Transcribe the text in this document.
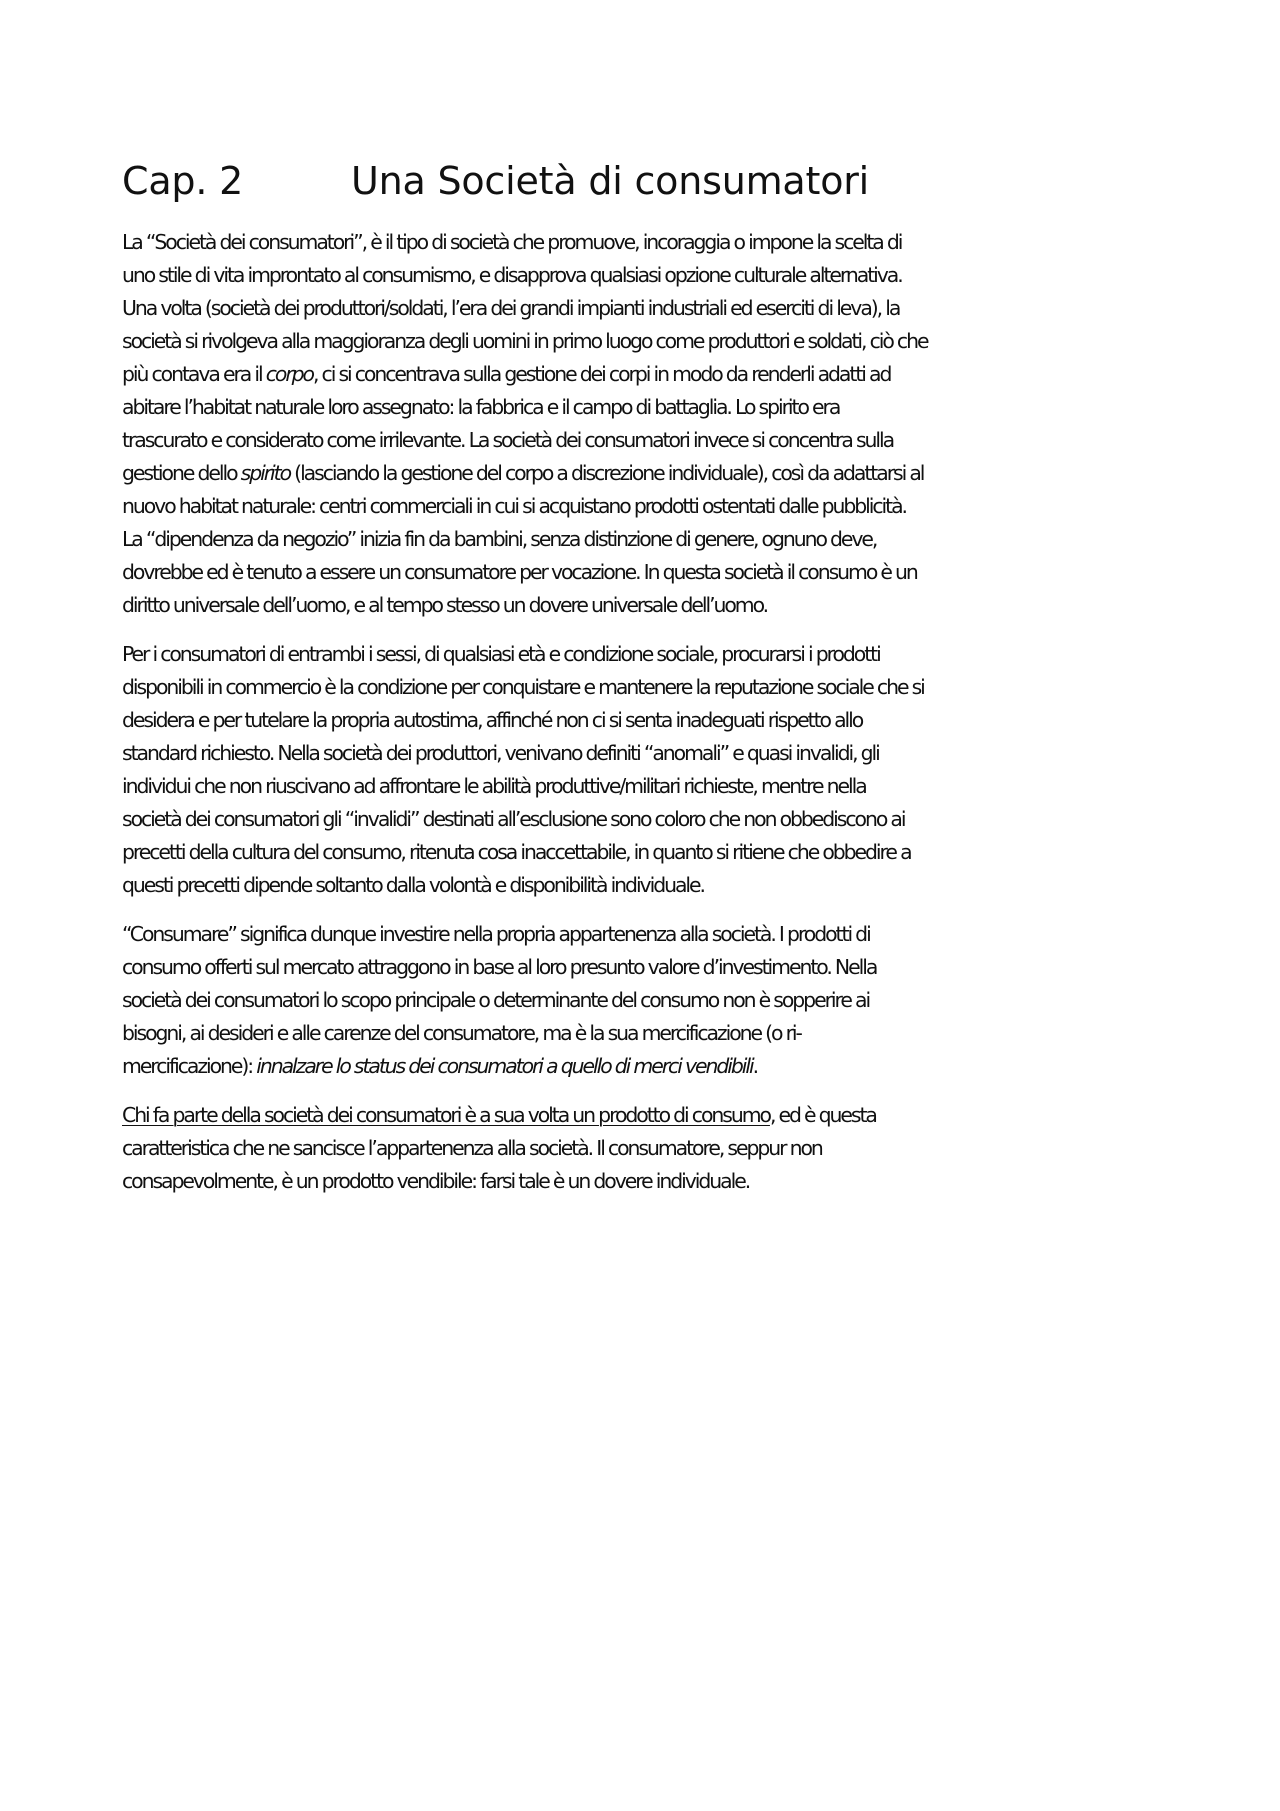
Cap. 2	Una Società di consumatori

La “Società dei consumatori”, è il tipo di società che promuove, incoraggia o impone la scelta di
uno stile di vita improntato al consumismo, e disapprova qualsiasi opzione culturale alternativa.
Una volta (società dei produttori/soldati, l’era dei grandi impianti industriali ed eserciti di leva), la
società si rivolgeva alla maggioranza degli uomini in primo luogo come produttori e soldati, ciò che
più contava era il corpo, ci si concentrava sulla gestione dei corpi in modo da renderli adatti ad
abitare l’habitat naturale loro assegnato: la fabbrica e il campo di battaglia. Lo spirito era
trascurato e considerato come irrilevante. La società dei consumatori invece si concentra sulla
gestione dello spirito (lasciando la gestione del corpo a discrezione individuale), così da adattarsi al
nuovo habitat naturale: centri commerciali in cui si acquistano prodotti ostentati dalle pubblicità.
La “dipendenza da negozio” inizia fin da bambini, senza distinzione di genere, ognuno deve,
dovrebbe ed è tenuto a essere un consumatore per vocazione. In questa società il consumo è un
diritto universale dell’uomo, e al tempo stesso un dovere universale dell’uomo.

Per i consumatori di entrambi i sessi, di qualsiasi età e condizione sociale, procurarsi i prodotti
disponibili in commercio è la condizione per conquistare e mantenere la reputazione sociale che si
desidera e per tutelare la propria autostima, affinché non ci si senta inadeguati rispetto allo
standard richiesto. Nella società dei produttori, venivano definiti “anomali” e quasi invalidi, gli
individui che non riuscivano ad affrontare le abilità produttive/militari richieste, mentre nella
società dei consumatori gli “invalidi” destinati all’esclusione sono coloro che non obbediscono ai
precetti della cultura del consumo, ritenuta cosa inaccettabile, in quanto si ritiene che obbedire a
questi precetti dipende soltanto dalla volontà e disponibilità individuale.

“Consumare” significa dunque investire nella propria appartenenza alla società. I prodotti di
consumo offerti sul mercato attraggono in base al loro presunto valore d’investimento. Nella
società dei consumatori lo scopo principale o determinante del consumo non è sopperire ai
bisogni, ai desideri e alle carenze del consumatore, ma è la sua mercificazione (o ri-
mercificazione): innalzare lo status dei consumatori a quello di merci vendibili.

Chi fa parte della società dei consumatori è a sua volta un prodotto di consumo, ed è questa
caratteristica che ne sancisce l’appartenenza alla società. Il consumatore, seppur non
consapevolmente, è un prodotto vendibile: farsi tale è un dovere individuale.
